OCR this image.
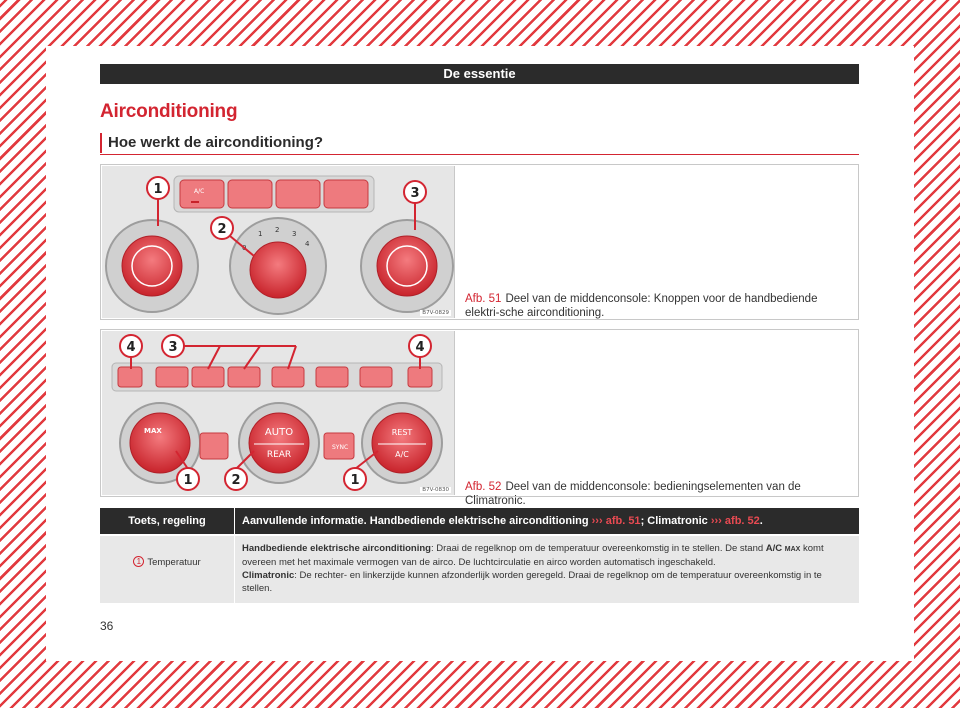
De essentie
Airconditioning
Hoe werkt de airconditioning?
A/C
1 2 3
4
1
2
3
B7V-0829
Afb. 51 Deel van de middenconsole: Knoppen voor de handbediende elektri-sche airconditioning.
MAX	AUTO
REAR
SYNC
REST
A/C
4	3	4
1	2	1
B7V-0830 Afb. 52 Deel van de middenconsole: bedieningselementen van de Climatronic.
Toets, regeling	Aanvullende informatie. Handbediende elektrische airconditioning ››› afb. 51; Climatronic ››› afb. 52.
1 Temperatuur
Handbediende elektrische airconditioning: Draai de regelknop om de temperatuur overeenkomstig in te stellen. De stand A/C MAX komt overeen met het maximale vermogen van de airco. De luchtcirculatie en airco worden automatisch ingeschakeld.
Climatronic: De rechter- en linkerzijde kunnen afzonderlijk worden geregeld. Draai de regelknop om de temperatuur overeenkomstig in te stellen.
36
